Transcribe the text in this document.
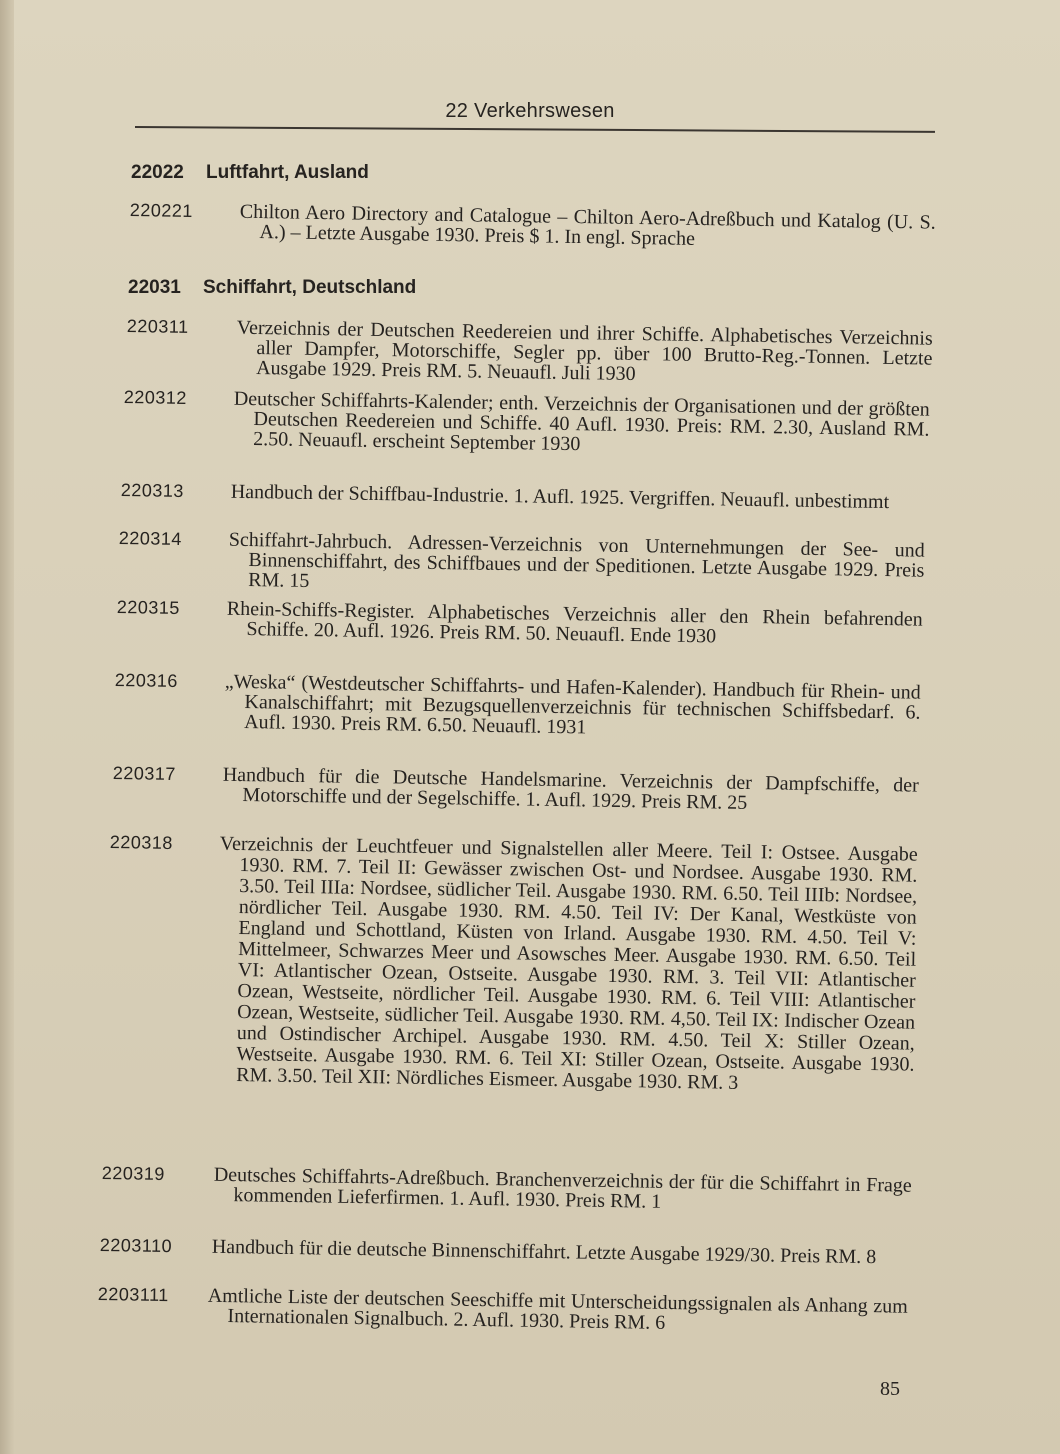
22 Verkehrswesen
22022 Luftfahrt, Ausland
220221 Chilton Aero Directory and Catalogue – Chilton Aero-Adreßbuch und Katalog (U. S. A.) – Letzte Ausgabe 1930. Preis $ 1. In engl. Sprache
22031 Schiffahrt, Deutschland
220311 Verzeichnis der Deutschen Reedereien und ihrer Schiffe. Alphabetisches Verzeichnis aller Dampfer, Motorschiffe, Segler pp. über 100 Brutto-Reg.-Tonnen. Letzte Ausgabe 1929. Preis RM. 5. Neuaufl. Juli 1930
220312 Deutscher Schiffahrts-Kalender; enth. Verzeichnis der Organisationen und der größten Deutschen Reedereien und Schiffe. 40 Aufl. 1930. Preis: RM. 2.30, Ausland RM. 2.50. Neuaufl. erscheint September 1930
220313 Handbuch der Schiffbau-Industrie. 1. Aufl. 1925. Vergriffen. Neuaufl. unbestimmt
220314 Schiffahrt-Jahrbuch. Adressen-Verzeichnis von Unternehmungen der See- und Binnenschiffahrt, des Schiffbaues und der Speditionen. Letzte Ausgabe 1929. Preis RM. 15
220315 Rhein-Schiffs-Register. Alphabetisches Verzeichnis aller den Rhein befahrenden Schiffe. 20. Aufl. 1926. Preis RM. 50. Neuaufl. Ende 1930
220316 „Weska“ (Westdeutscher Schiffahrts- und Hafen-Kalender). Handbuch für Rhein- und Kanalschiffahrt; mit Bezugsquellenverzeichnis für technischen Schiffsbedarf. 6. Aufl. 1930. Preis RM. 6.50. Neuaufl. 1931
220317 Handbuch für die Deutsche Handelsmarine. Verzeichnis der Dampfschiffe, der Motorschiffe und der Segelschiffe. 1. Aufl. 1929. Preis RM. 25
220318 Verzeichnis der Leuchtfeuer und Signalstellen aller Meere. Teil I: Ostsee. Ausgabe 1930. RM. 7. Teil II: Gewässer zwischen Ost- und Nordsee. Ausgabe 1930. RM. 3.50. Teil IIIa: Nordsee, südlicher Teil. Ausgabe 1930. RM. 6.50. Teil IIIb: Nordsee, nördlicher Teil. Ausgabe 1930. RM. 4.50. Teil IV: Der Kanal, Westküste von England und Schottland, Küsten von Irland. Ausgabe 1930. RM. 4.50. Teil V: Mittelmeer, Schwarzes Meer und Asowsches Meer. Ausgabe 1930. RM. 6.50. Teil VI: Atlantischer Ozean, Ostseite. Ausgabe 1930. RM. 3. Teil VII: Atlantischer Ozean, Westseite, nördlicher Teil. Ausgabe 1930. RM. 6. Teil VIII: Atlantischer Ozean, Westseite, südlicher Teil. Ausgabe 1930. RM. 4,50. Teil IX: Indischer Ozean und Ostindischer Archipel. Ausgabe 1930. RM. 4.50. Teil X: Stiller Ozean, Westseite. Ausgabe 1930. RM. 6. Teil XI: Stiller Ozean, Ostseite. Ausgabe 1930. RM. 3.50. Teil XII: Nördliches Eismeer. Ausgabe 1930. RM. 3
220319 Deutsches Schiffahrts-Adreßbuch. Branchenverzeichnis der für die Schiffahrt in Frage kommenden Lieferfirmen. 1. Aufl. 1930. Preis RM. 1
2203110 Handbuch für die deutsche Binnenschiffahrt. Letzte Ausgabe 1929/30. Preis RM. 8
2203111 Amtliche Liste der deutschen Seeschiffe mit Unterscheidungssignalen als Anhang zum Internationalen Signalbuch. 2. Aufl. 1930. Preis RM. 6
85
